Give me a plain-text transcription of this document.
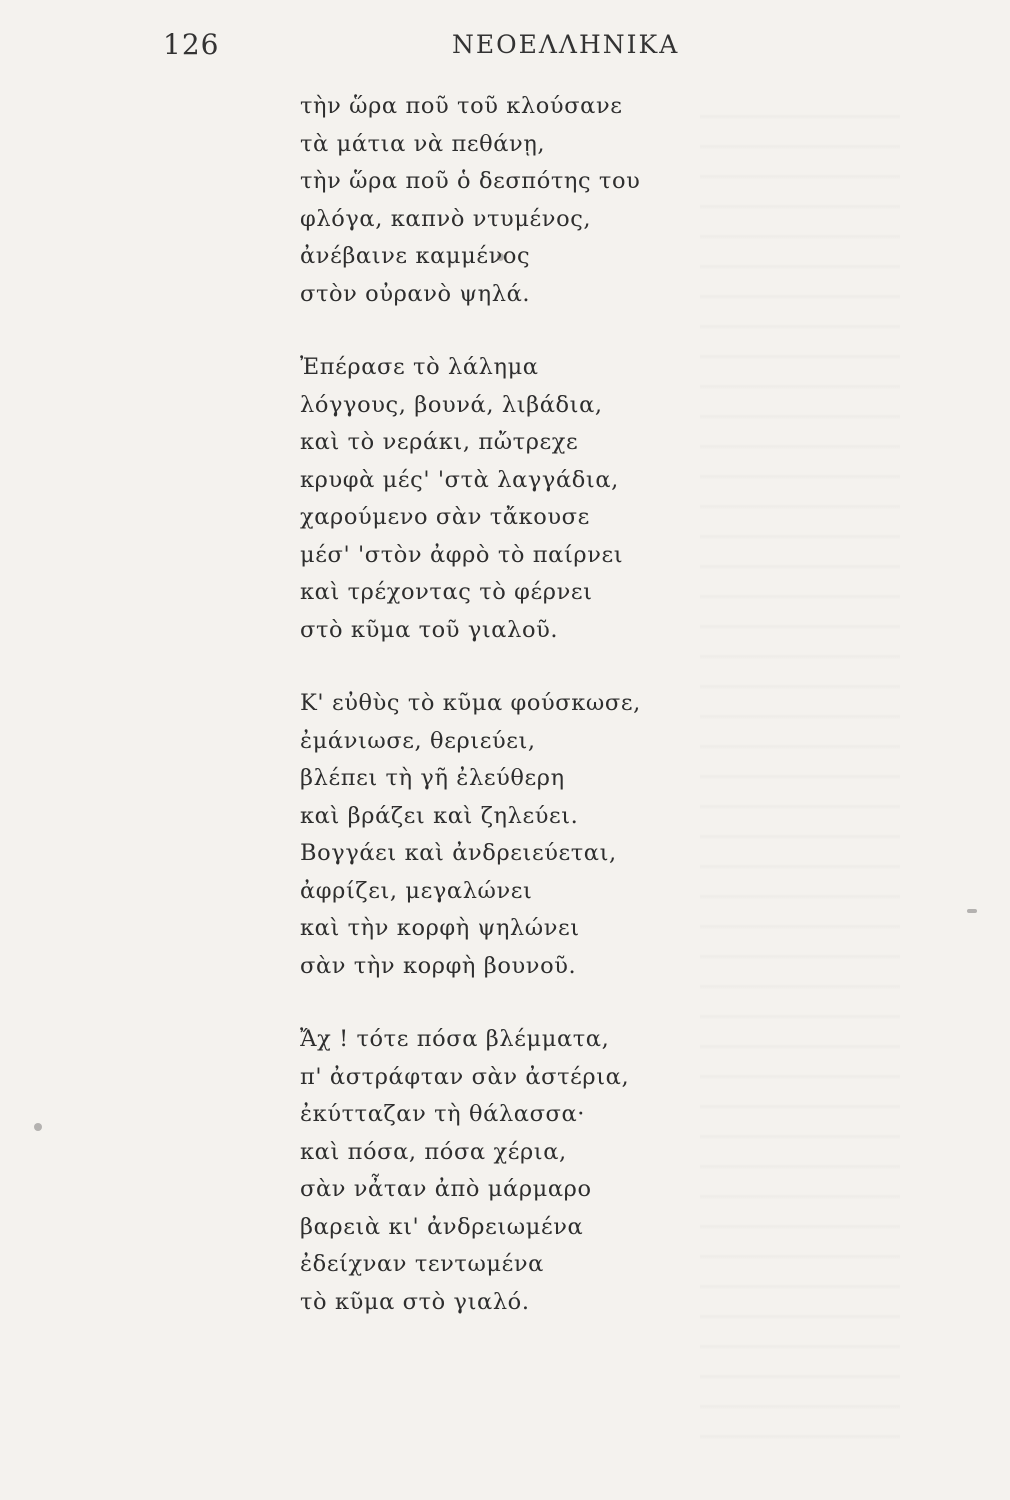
126	ΝΕΟΕΛΛΗΝΙΚΑ
τὴν ὥρα ποῦ τοῦ κλούσανε
τὰ μάτια νὰ πεθάνῃ,
τὴν ὥρα ποῦ ὁ δεσπότης του
φλόγα, καπνὸ ντυμένος,
ἀνέβαινε καμμένος
στὸν οὐρανὸ ψηλά.
Ἐπέρασε τὸ λάλημα
λόγγους, βουνά, λιβάδια,
καὶ τὸ νεράκι, πὤτρεχε
κρυφὰ μές' 'στὰ λαγγάδια,
χαρούμενο σὰν τἄκουσε
μέσ' 'στὸν ἀφρὸ τὸ παίρνει
καὶ τρέχοντας τὸ φέρνει
στὸ κῦμα τοῦ γιαλοῦ.
Κ' εὐθὺς τὸ κῦμα φούσκωσε,
ἐμάνιωσε, θεριεύει,
βλέπει τὴ γῆ ἐλεύθερη
καὶ βράζει καὶ ζηλεύει.
Βογγάει καὶ ἀνδρειεύεται,
ἀφρίζει, μεγαλώνει
καὶ τὴν κορφὴ ψηλώνει
σὰν τὴν κορφὴ βουνοῦ.
Ἄχ ! τότε πόσα βλέμματα,
π' ἀστράφταν σὰν ἀστέρια,
ἐκύτταζαν τὴ θάλασσα·
καὶ πόσα, πόσα χέρια,
σὰν νἆταν ἀπὸ μάρμαρο
βαρειὰ κι' ἀνδρειωμένα
ἐδείχναν τεντωμένα
τὸ κῦμα στὸ γιαλό.
